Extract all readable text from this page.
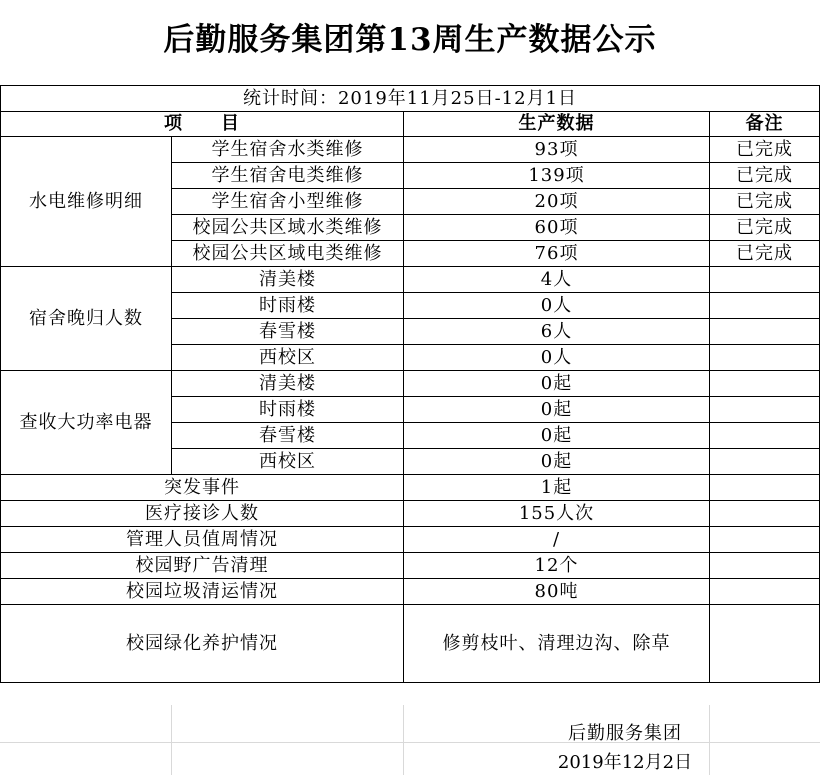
后勤服务集团第13周生产数据公示
统计时间：2019年11月25日-12月1日			
项　　目		生产数据	备注
水电维修明细	学生宿舍水类维修	93项	已完成
	学生宿舍电类维修	139项	已完成
	学生宿舍小型维修	20项	已完成
	校园公共区域水类维修	60项	已完成
	校园公共区域电类维修	76项	已完成
宿舍晚归人数	清美楼	4人	
	时雨楼	0人	
	春雪楼	6人	
	西校区	0人	
查收大功率电器	清美楼	0起	
	时雨楼	0起	
	春雪楼	0起	
	西校区	0起	
突发事件		1起	
医疗接诊人数		155人次	
管理人员值周情况		/	
校园野广告清理		12个	
校园垃圾清运情况		80吨	
校园绿化养护情况		修剪枝叶、清理边沟、除草	
后勤服务集团
2019年12月2日
